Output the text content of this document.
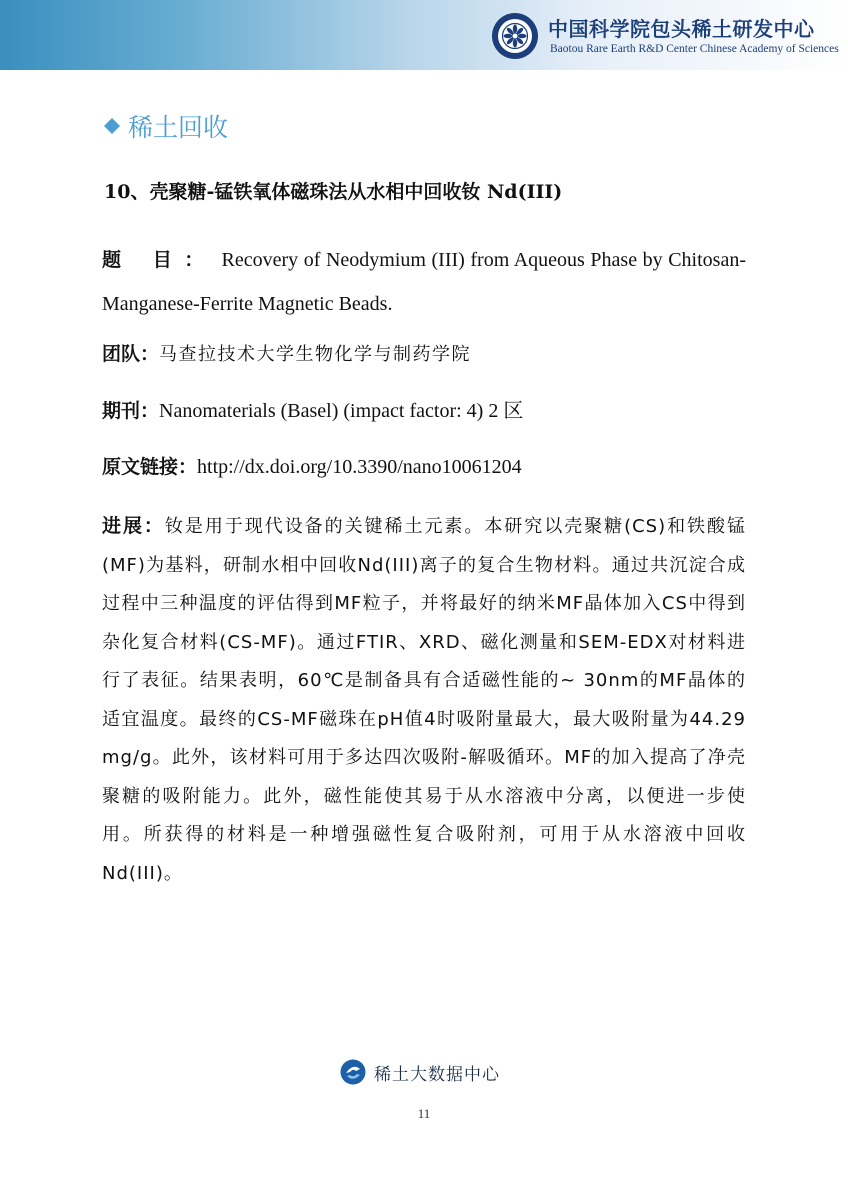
中国科学院包头稀土研发中心
Baotou Rare Earth R&D Center Chinese Academy of Sciences
稀土回收
10、壳聚糖-锰铁氧体磁珠法从水相中回收钕 Nd(III)
题 目： Recovery of Neodymium (III) from Aqueous Phase by Chitosan-Manganese-Ferrite Magnetic Beads.
团队：马查拉技术大学生物化学与制药学院
期刊：Nanomaterials (Basel) (impact factor: 4) 2 区
原文链接：http://dx.doi.org/10.3390/nano10061204
进展：钕是用于现代设备的关键稀土元素。本研究以壳聚糖(CS)和铁酸锰(MF)为基料，研制水相中回收Nd(III)离子的复合生物材料。通过共沉淀合成过程中三种温度的评估得到MF粒子，并将最好的纳米MF晶体加入CS中得到杂化复合材料(CS-MF)。通过FTIR、XRD、磁化测量和SEM-EDX对材料进行了表征。结果表明，60℃是制备具有合适磁性能的~ 30nm的MF晶体的适宜温度。最终的CS-MF磁珠在pH值4时吸附量最大，最大吸附量为44.29 mg/g。此外，该材料可用于多达四次吸附-解吸循环。MF的加入提高了净壳聚糖的吸附能力。此外，磁性能使其易于从水溶液中分离，以便进一步使用。所获得的材料是一种增强磁性复合吸附剂，可用于从水溶液中回收Nd(III)。
稀土大数据中心
11
